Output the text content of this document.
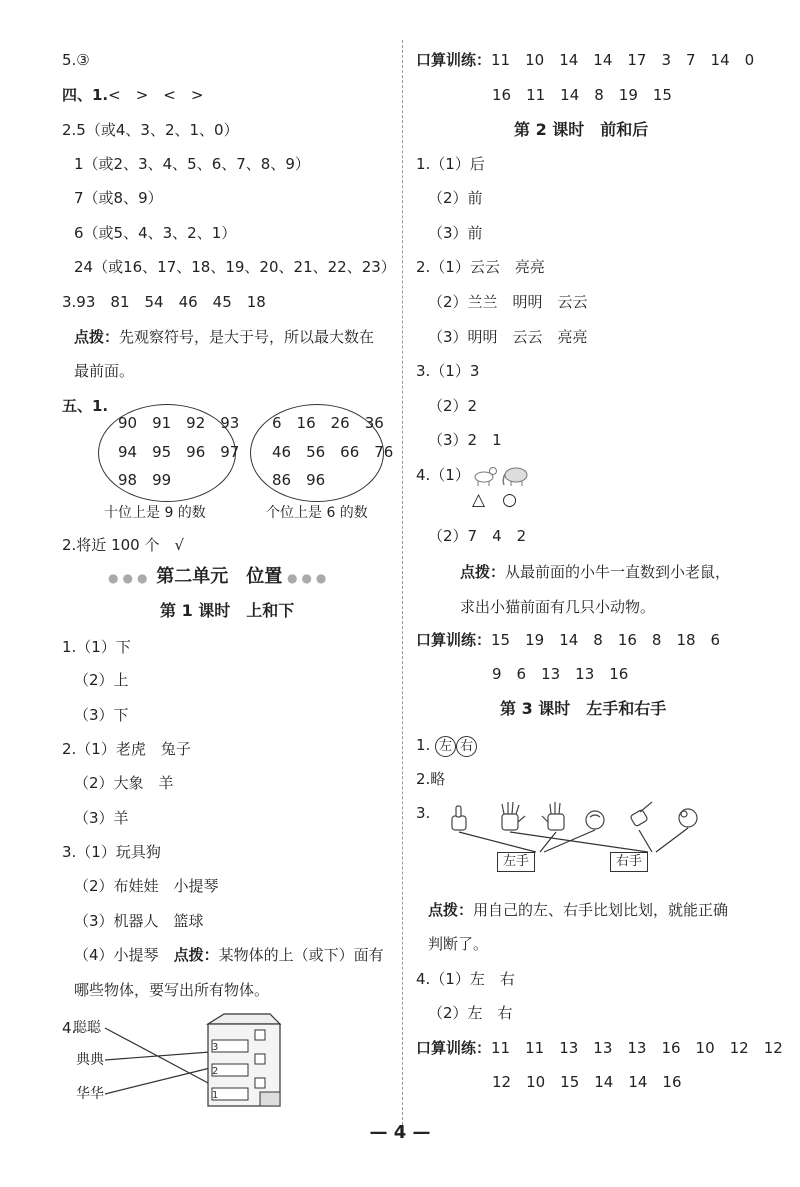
5.③
四、1.<　>　<　>
2.5（或4、3、2、1、0）
1（或2、3、4、5、6、7、8、9）
7（或8、9）
6（或5、4、3、2、1）
24（或16、17、18、19、20、21、22、23）
3.93　81　54　46　45　18
点拨：先观察符号，是大于号，所以最大数在
最前面。
五、1.
90　91　92　93
94　95　96　97
98　99
十位上是 9 的数
6　16　26　36
46　56　66　76
86　96
个位上是 6 的数
2.将近 100 个　√
●●● 第二单元　位置 ●●●
第 1 课时　上和下
1.（1）下
（2）上
（3）下
2.（1）老虎　兔子
（2）大象　羊
（3）羊
3.（1）玩具狗
（2）布娃娃　小提琴
（3）机器人　篮球
（4）小提琴　 点拨：某物体的上（或下）面有
哪些物体，要写出所有物体。
4.
聪聪
典典
华华
3
2
1
口算训练：11　10　14　14　17　3　7　14　0
16　11　14　8　19　15
第 2 课时　前和后
1.（1）后
（2）前
（3）前
2.（1）云云　亮亮
（2）兰兰　明明　云云
（3）明明　云云　亮亮
3.（1）3
（2）2
（3）2　1
4.（1）
△　○
（2）7　4　2
点拨：从最前面的小牛一直数到小老鼠，
求出小猫前面有几只小动物。
口算训练：15　19　14　8　16　8　18　6
9　6　13　13　16
第 3 课时　左手和右手
1. 左 右
2.略
3.
左手	右手
点拨：用自己的左、右手比划比划，就能正确
判断了。
4.（1）左　右
（2）左　右
口算训练：11　11　13　13　13　16　10　12　12
12　10　15　14　14　16
— 4 —
